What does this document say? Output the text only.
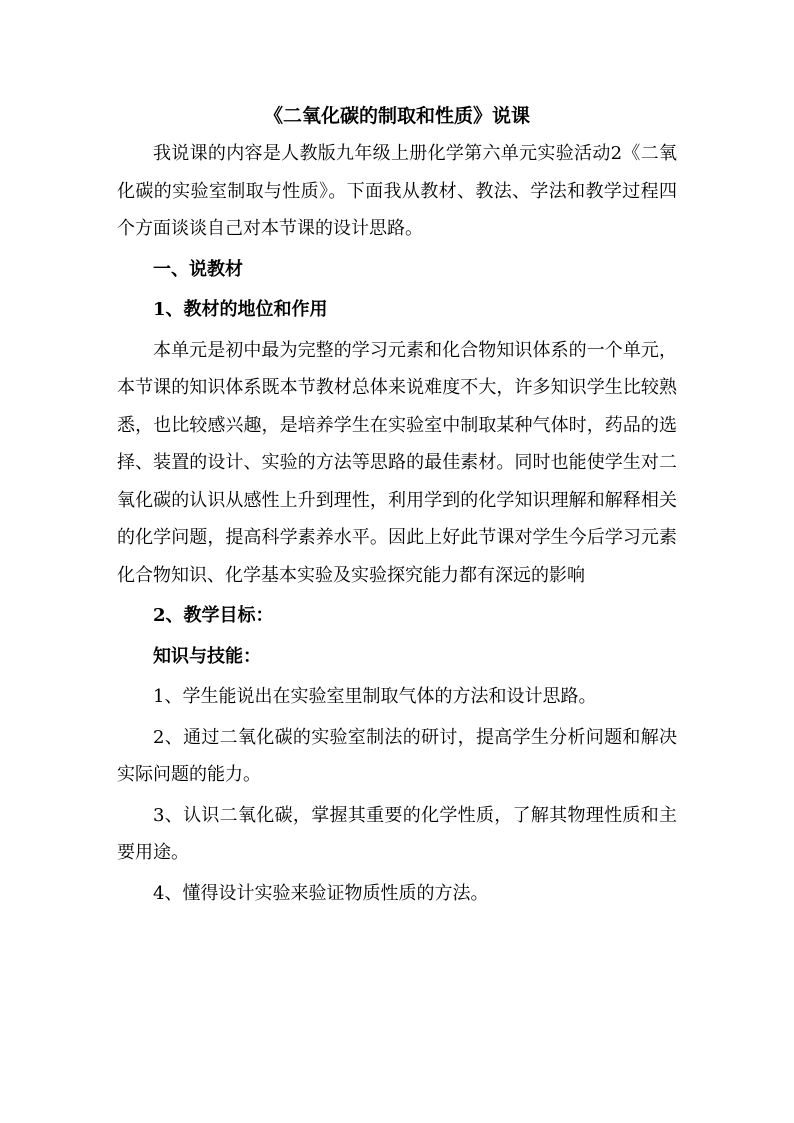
《二氧化碳的制取和性质》说课

我说课的内容是人教版九年级上册化学第六单元实验活动2《二氧化碳的实验室制取与性质》。下面我从教材、教法、学法和教学过程四个方面谈谈自己对本节课的设计思路。

一、说教材

1、教材的地位和作用

本单元是初中最为完整的学习元素和化合物知识体系的一个单元，本节课的知识体系既本节教材总体来说难度不大，许多知识学生比较熟悉，也比较感兴趣，是培养学生在实验室中制取某种气体时，药品的选择、装置的设计、实验的方法等思路的最佳素材。同时也能使学生对二氧化碳的认识从感性上升到理性，利用学到的化学知识理解和解释相关的化学问题，提高科学素养水平。因此上好此节课对学生今后学习元素化合物知识、化学基本实验及实验探究能力都有深远的影响

2、教学目标：

知识与技能：

1、学生能说出在实验室里制取气体的方法和设计思路。

2、通过二氧化碳的实验室制法的研讨，提高学生分析问题和解决实际问题的能力。

3、认识二氧化碳，掌握其重要的化学性质，了解其物理性质和主要用途。

4、懂得设计实验来验证物质性质的方法。
